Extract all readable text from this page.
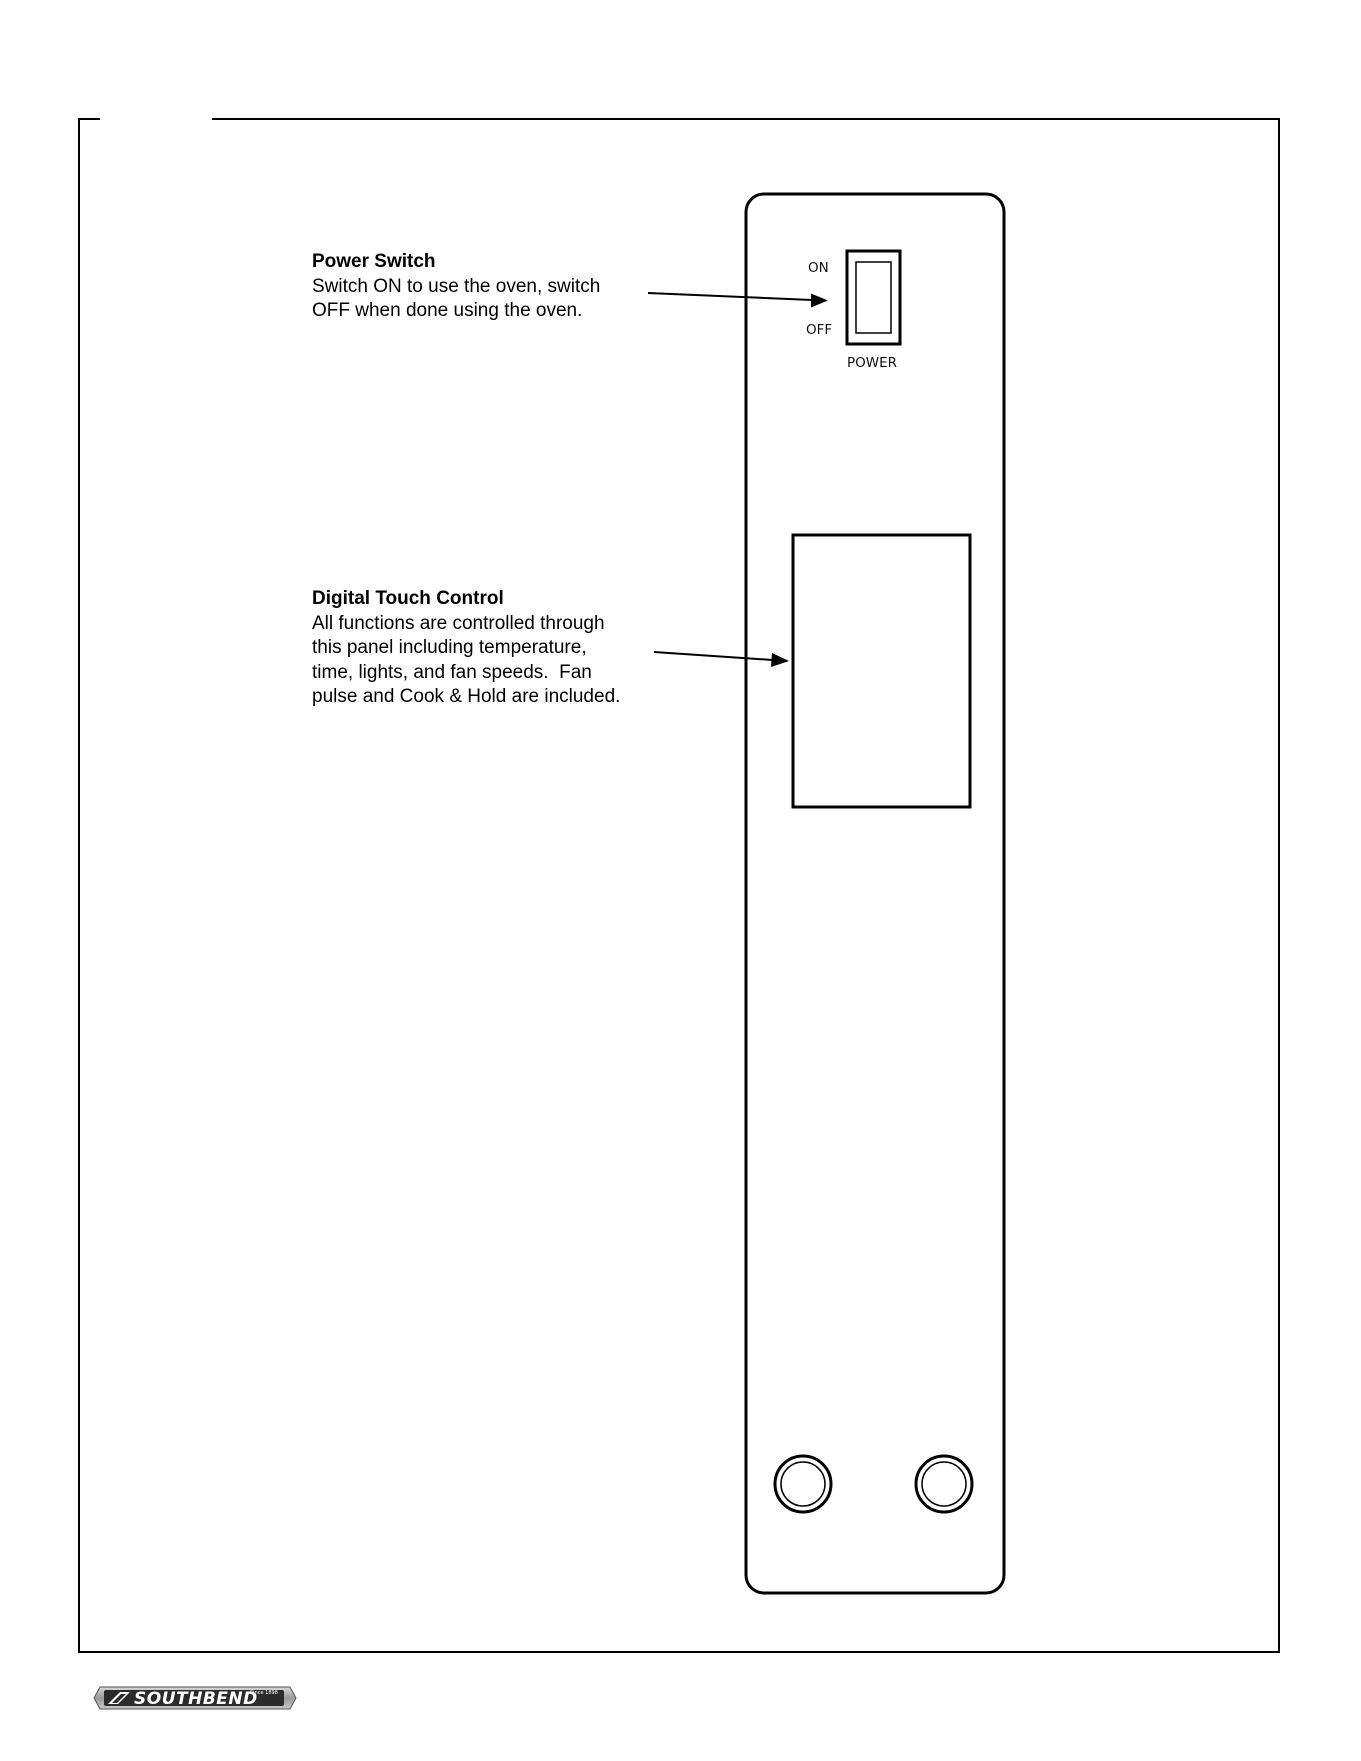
ON
OFF
POWER
Power Switch
Switch ON to use the oven, switch
OFF when done using the oven.
Digital Touch Control
All functions are controlled through
this panel including temperature,
time, lights, and fan speeds.  Fan
pulse and Cook & Hold are included.
SOUTHBEND
Since 1898
